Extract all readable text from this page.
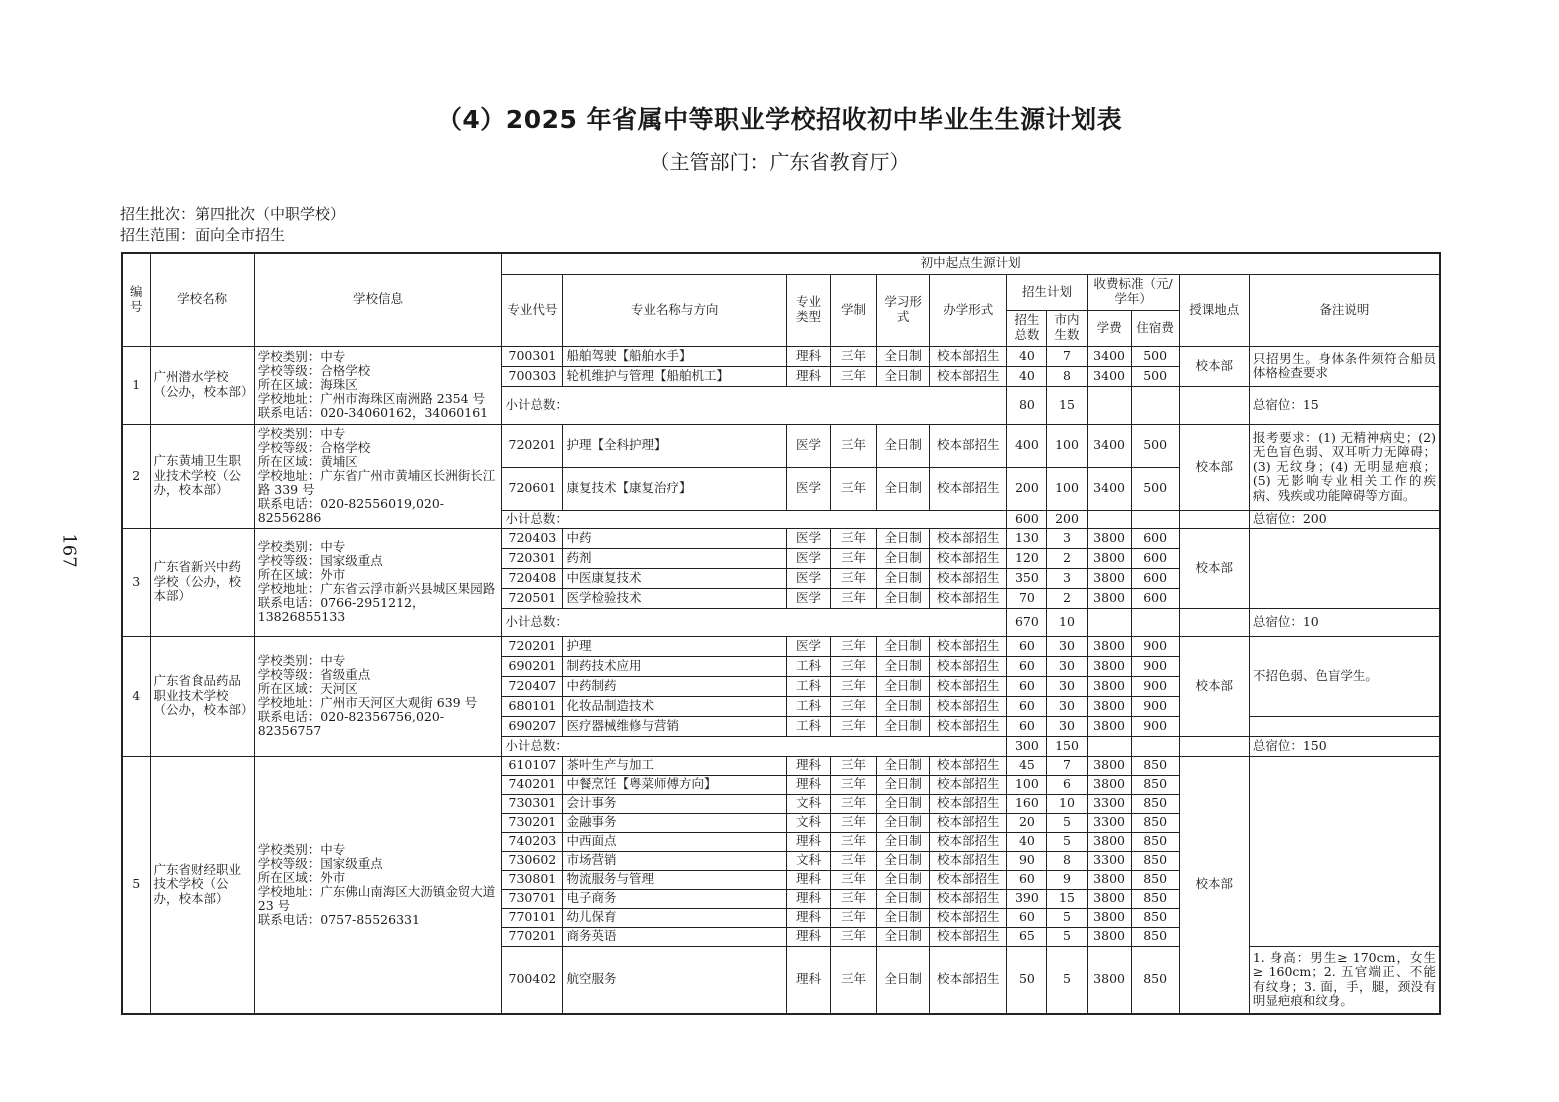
（4）2025 年省属中等职业学校招收初中毕业生生源计划表
（主管部门：广东省教育厅）
招生批次：第四批次（中职学校）
招生范围：面向全市招生
167
编号	学校名称	学校信息	初中起点生源计划											
			专业代号	专业名称与方向	专业类型	学制	学习形式	办学形式	招生计划		收费标准（元/学年）		授课地点	备注说明
									招生总数	市内生数	学费	住宿费		
1	广州潜水学校（公办，校本部）	学校类别：中专
学校等级：合格学校
所在区域：海珠区
学校地址：广州市海珠区南洲路 2354 号
联系电话：020-34060162，34060161	700301	船舶驾驶【船舶水手】	理科	三年	全日制	校本部招生	40	7	3400	500	校本部	只招男生。身体条件须符合船员体格检查要求
			700303	轮机维护与管理【船舶机工】	理科	三年	全日制	校本部招生	40	8	3400	500		
			小计总数：						80	15				总宿位：15
2	广东黄埔卫生职业技术学校（公办，校本部）	学校类别：中专
学校等级：合格学校
所在区域：黄埔区
学校地址：广东省广州市黄埔区长洲街长江路 339 号
联系电话：020-82556019,020-82556286	720201	护理【全科护理】	医学	三年	全日制	校本部招生	400	100	3400	500	校本部	报考要求：(1) 无精神病史；(2) 无色盲色弱、双耳听力无障碍；(3) 无纹身；(4) 无明显疤痕；(5) 无影响专业相关工作的疾病、残疾或功能障碍等方面。
			720601	康复技术【康复治疗】	医学	三年	全日制	校本部招生	200	100	3400	500		
			小计总数：						600	200				总宿位：200
3	广东省新兴中药学校（公办，校本部）	学校类别：中专
学校等级：国家级重点
所在区域：外市
学校地址：广东省云浮市新兴县城区果园路
联系电话：0766-2951212，13826855133	720403	中药	医学	三年	全日制	校本部招生	130	3	3800	600	校本部	
			720301	药剂	医学	三年	全日制	校本部招生	120	2	3800	600		
			720408	中医康复技术	医学	三年	全日制	校本部招生	350	3	3800	600		
			720501	医学检验技术	医学	三年	全日制	校本部招生	70	2	3800	600		
			小计总数：						670	10				总宿位：10
4	广东省食品药品职业技术学校（公办，校本部）	学校类别：中专
学校等级：省级重点
所在区域：天河区
学校地址：广州市天河区大观街 639 号
联系电话：020-82356756,020-82356757	720201	护理	医学	三年	全日制	校本部招生	60	30	3800	900	校本部	不招色弱、色盲学生。
			690201	制药技术应用	工科	三年	全日制	校本部招生	60	30	3800	900		
			720407	中药制药	工科	三年	全日制	校本部招生	60	30	3800	900		
			680101	化妆品制造技术	工科	三年	全日制	校本部招生	60	30	3800	900		
			690207	医疗器械维修与营销	工科	三年	全日制	校本部招生	60	30	3800	900		
			小计总数：						300	150				总宿位：150
5	广东省财经职业技术学校（公办，校本部）	学校类别：中专
学校等级：国家级重点
所在区域：外市
学校地址：广东佛山南海区大沥镇金贸大道 23 号
联系电话：0757-85526331	610107	茶叶生产与加工	理科	三年	全日制	校本部招生	45	7	3800	850	校本部	
			740201	中餐烹饪【粤菜师傅方向】	理科	三年	全日制	校本部招生	100	6	3800	850		
			730301	会计事务	文科	三年	全日制	校本部招生	160	10	3300	850		
			730201	金融事务	文科	三年	全日制	校本部招生	20	5	3300	850		
			740203	中西面点	理科	三年	全日制	校本部招生	40	5	3800	850		
			730602	市场营销	文科	三年	全日制	校本部招生	90	8	3300	850		
			730801	物流服务与管理	理科	三年	全日制	校本部招生	60	9	3800	850		
			730701	电子商务	理科	三年	全日制	校本部招生	390	15	3800	850		
			770101	幼儿保育	理科	三年	全日制	校本部招生	60	5	3800	850		
			770201	商务英语	理科	三年	全日制	校本部招生	65	5	3800	850		
			700402	航空服务	理科	三年	全日制	校本部招生	50	5	3800	850		1. 身高：男生≥ 170cm，女生≥ 160cm；2. 五官端正、不能有纹身；3. 面，手，腿，颈没有明显疤痕和纹身。
